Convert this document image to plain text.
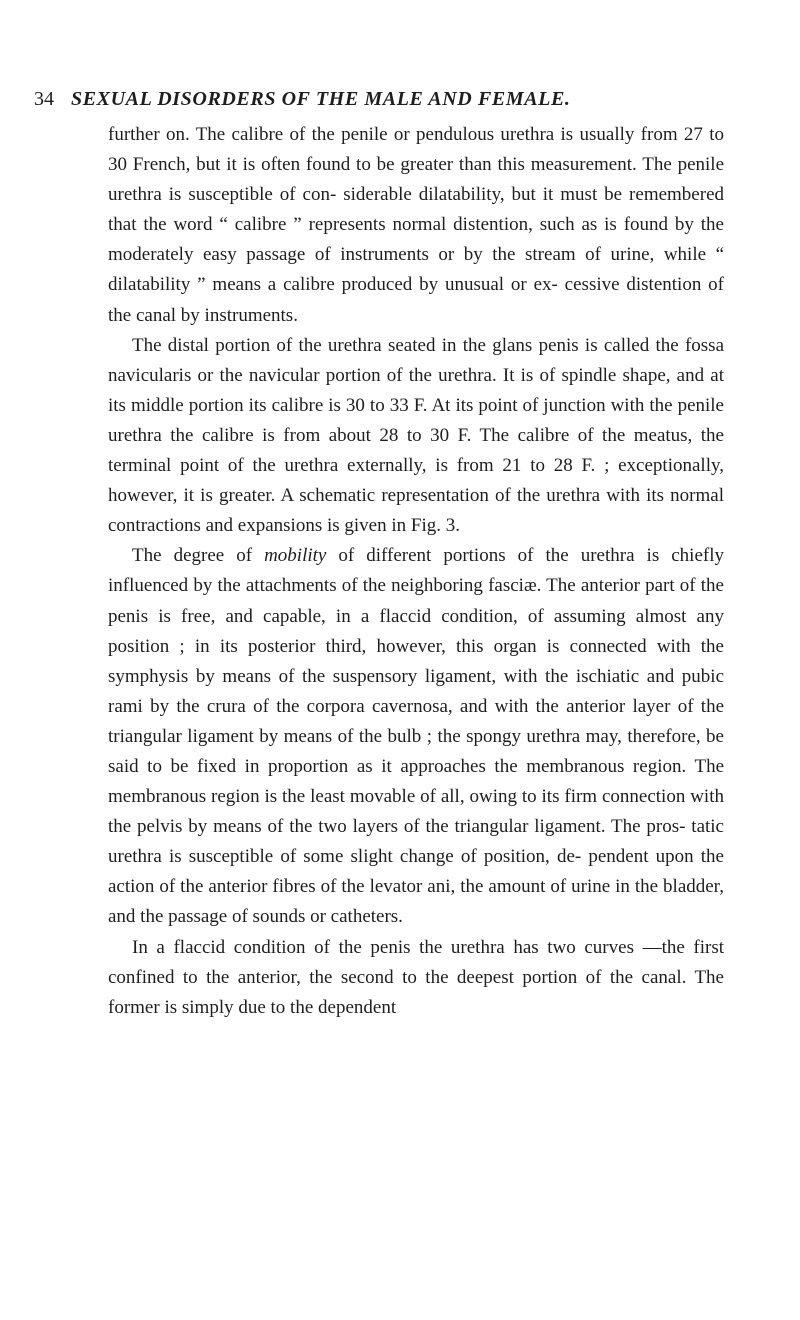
34 SEXUAL DISORDERS OF THE MALE AND FEMALE.

further on. The calibre of the penile or pendulous urethra is usually from 27 to 30 French, but it is often found to be greater than this measurement. The penile urethra is susceptible of con- siderable dilatability, but it must be remembered that the word “ calibre ” represents normal distention, such as is found by the moderately easy passage of instruments or by the stream of urine, while “ dilatability ” means a calibre produced by unusual or ex- cessive distention of the canal by instruments.

The distal portion of the urethra seated in the glans penis is called the fossa navicularis or the navicular portion of the urethra. It is of spindle shape, and at its middle portion its calibre is 30 to 33 F. At its point of junction with the penile urethra the calibre is from about 28 to 30 F. The calibre of the meatus, the terminal point of the urethra externally, is from 21 to 28 F. ; exceptionally, however, it is greater. A schematic representation of the urethra with its normal contractions and expansions is given in Fig. 3.

The degree of mobility of different portions of the urethra is chiefly influenced by the attachments of the neighboring fasciæ. The anterior part of the penis is free, and capable, in a flaccid condition, of assuming almost any position ; in its posterior third, however, this organ is connected with the symphysis by means of the suspensory ligament, with the ischiatic and pubic rami by the crura of the corpora cavernosa, and with the anterior layer of the triangular ligament by means of the bulb ; the spongy urethra may, therefore, be said to be fixed in proportion as it approaches the membranous region. The membranous region is the least movable of all, owing to its firm connection with the pelvis by means of the two layers of the triangular ligament. The pros- tatic urethra is susceptible of some slight change of position, de- pendent upon the action of the anterior fibres of the levator ani, the amount of urine in the bladder, and the passage of sounds or catheters.

In a flaccid condition of the penis the urethra has two curves —the first confined to the anterior, the second to the deepest portion of the canal. The former is simply due to the dependent
